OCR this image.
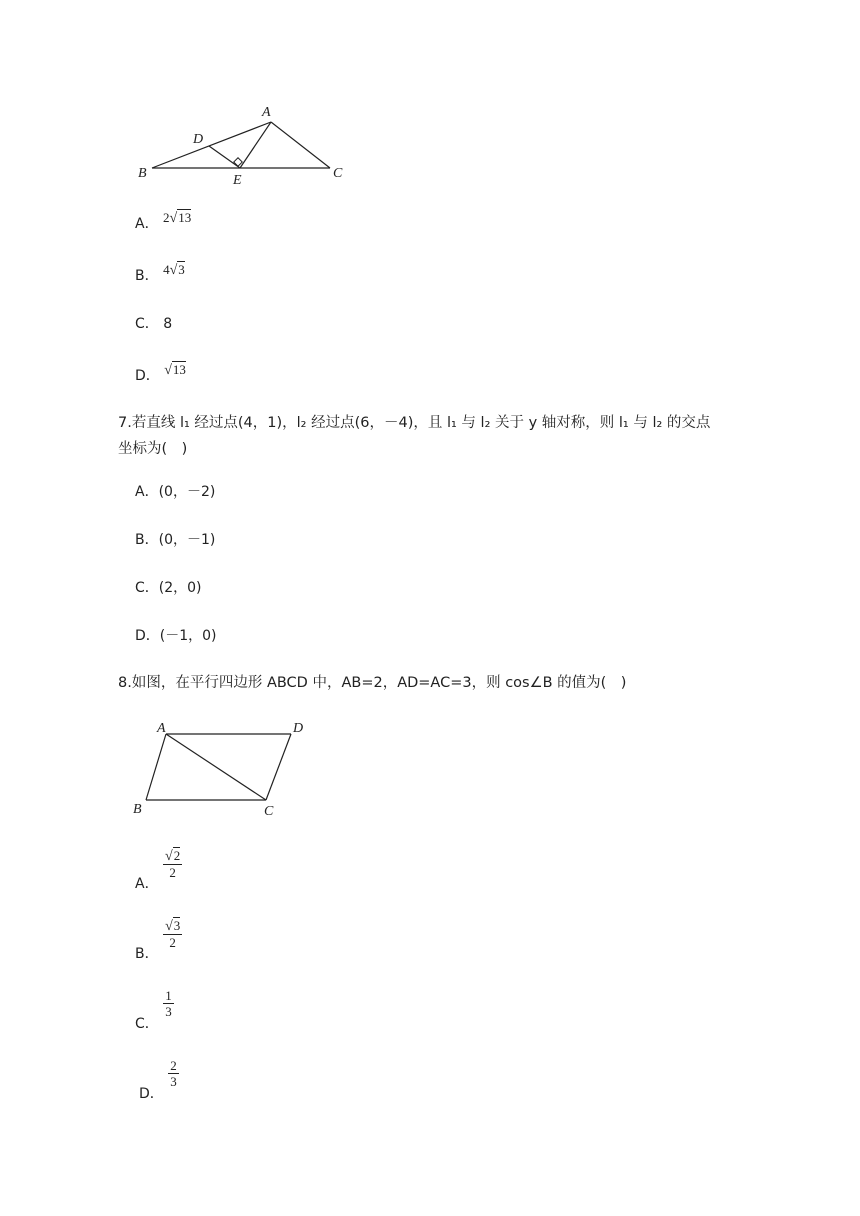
A
B	C
D
E
A． 2√13
B． 4√3
C． 8
D． √13
7.若直线 l₁ 经过点(4，1)，l₂ 经过点(6，－4)，且 l₁ 与 l₂ 关于 y 轴对称，则 l₁ 与 l₂ 的交点
坐标为(　)
A．(0，－2)
B．(0，－1)
C．(2，0)
D．(－1，0)
8.如图，在平行四边形 ABCD 中，AB=2，AD=AC=3，则 cos∠B 的值为(　)
A	D
B	C
A．
$\frac{√2}{2}$
B．
$\frac{√3}{2}$
C．
$\frac{1}{3}$
D．
$\frac{2}{3}$
